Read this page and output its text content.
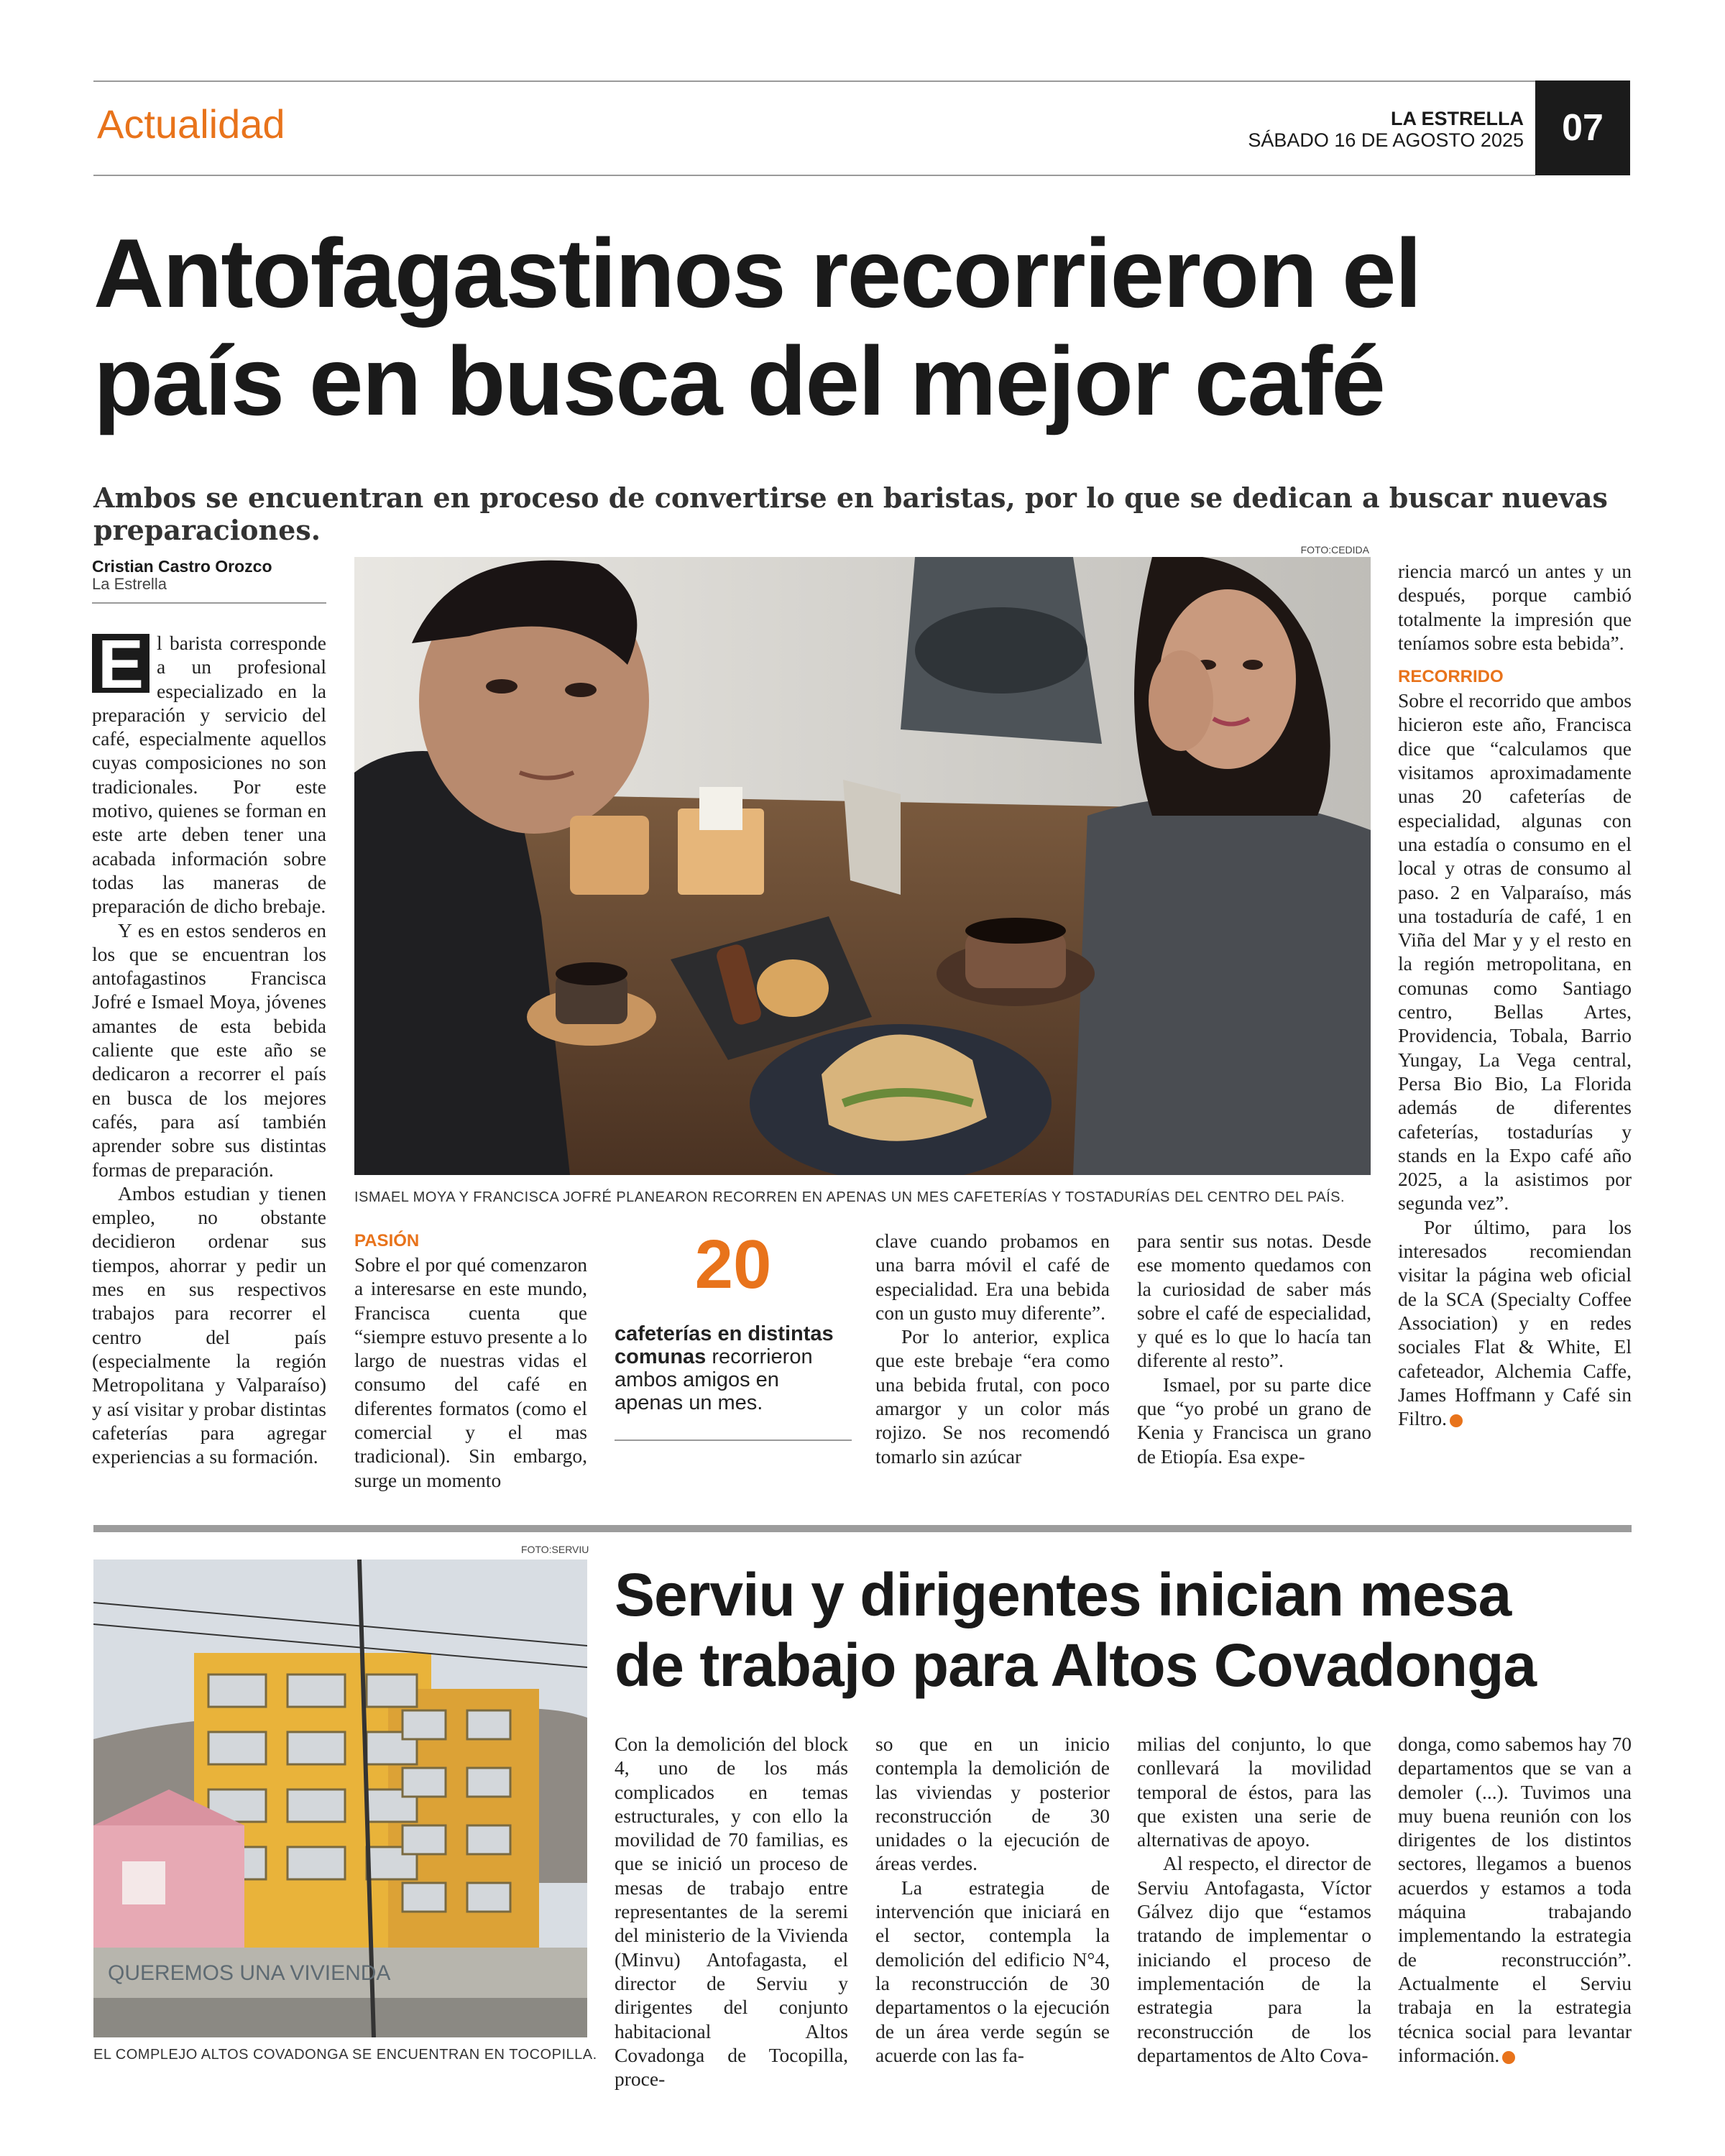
Actualidad	LA ESTRELLA
SÁBADO 16 DE AGOSTO 2025	07
Antofagastinos recorrieron el
país en busca del mejor café
Ambos se encuentran en proceso de convertirse en baristas, por lo que se dedican a buscar nuevas preparaciones.
Cristian Castro Orozco
La Estrella

E l barista corresponde a un profesional especializado en la preparación y servicio del café, especialmente aquellos cuyas composiciones no son tradicionales. Por este motivo, quienes se forman en este arte deben tener una acabada información sobre todas las maneras de preparación de dicho brebaje.

Y es en estos senderos en los que se encuentran los antofagastinos Francisca Jofré e Ismael Moya, jóvenes amantes de esta bebida caliente que este año se dedicaron a recorrer el país en busca de los mejores cafés, para así también aprender sobre sus distintas formas de preparación.

Ambos estudian y tienen empleo, no obstante decidieron ordenar sus tiempos, ahorrar y pedir un mes en sus respectivos trabajos para recorrer el centro del país (especialmente la región Metropolitana y Valparaíso) y así visitar y probar distintas cafeterías para agregar experiencias a su formación.

FOTO:CEDIDA
ISMAEL MOYA Y FRANCISCA JOFRÉ PLANEARON RECORREN EN APENAS UN MES CAFETERÍAS Y TOSTADURÍAS DEL CENTRO DEL PAÍS.

PASIÓN

Sobre el por qué comenzaron a interesarse en este mundo, Francisca cuenta que “siempre estuvo presente a lo largo de nuestras vidas el consumo del café en diferentes formatos (como el comercial y el mas tradicional). Sin embargo, surge un momento

20
cafeterías en distintas comunas recorrieron ambos amigos en apenas un mes.

clave cuando probamos en una barra móvil el café de especialidad. Era una bebida con un gusto muy diferente”.

Por lo anterior, explica que este brebaje “era como una bebida frutal, con poco amargor y un color más rojizo. Se nos recomendó tomarlo sin azúcar

para sentir sus notas. Desde ese momento quedamos con la curiosidad de saber más sobre el café de especialidad, y qué es lo que lo hacía tan diferente al resto”.

Ismael, por su parte dice que “yo probé un grano de Kenia y Francisca un grano de Etiopía. Esa expe-

riencia marcó un antes y un después, porque cambió totalmente la impresión que teníamos sobre esta bebida”.

RECORRIDO

Sobre el recorrido que ambos hicieron este año, Francisca dice que “calculamos que visitamos aproximadamente unas 20 cafeterías de especialidad, algunas con una estadía o consumo en el local y otras de consumo al paso. 2 en Valparaíso, más una tostaduría de café, 1 en Viña del Mar y y el resto en la región metropolitana, en comunas como Santiago centro, Bellas Artes, Providencia, Tobala, Barrio Yungay, La Vega central, Persa Bio Bio, La Florida además de diferentes cafeterías, tostadurías y stands en la Expo café año 2025, a la asistimos por segunda vez”.

Por último, para los interesados recomiendan visitar la página web oficial de la SCA (Specialty Coffee Association) y en redes sociales Flat & White, El cafeteador, Alchemia Caffe, James Hoffmann y Café sin Filtro.

FOTO:SERVIU
QUEREMOS UNA VIVIENDA
EL COMPLEJO ALTOS COVADONGA SE ENCUENTRAN EN TOCOPILLA.
Serviu y dirigentes inician mesa
de trabajo para Altos Covadonga

Con la demolición del block 4, uno de los más complicados en temas estructurales, y con ello la movilidad de 70 familias, es que se inició un proceso de mesas de trabajo entre representantes de la seremi del ministerio de la Vivienda (Minvu) Antofagasta, el director de Serviu y dirigentes del conjunto habitacional Altos Covadonga de Tocopilla, proce-

so que en un inicio contempla la demolición de las viviendas y posterior reconstrucción de 30 unidades o la ejecución de áreas verdes.

La estrategia de intervención que iniciará en el sector, contempla la demolición del edificio N°4, la reconstrucción de 30 departamentos o la ejecución de un área verde según se acuerde con las fa-

milias del conjunto, lo que conllevará la movilidad temporal de éstos, para las que existen una serie de alternativas de apoyo.

Al respecto, el director de Serviu Antofagasta, Víctor Gálvez dijo que “estamos tratando de implementar o iniciando el proceso de implementación de la estrategia para la reconstrucción de los departamentos de Alto Cova-

donga, como sabemos hay 70 departamentos que se van a demoler (...). Tuvimos una muy buena reunión con los dirigentes de los distintos sectores, llegamos a buenos acuerdos y estamos a toda máquina trabajando implementando la estrategia de reconstrucción”. Actualmente el Serviu trabaja en la estrategia técnica social para levantar información.
